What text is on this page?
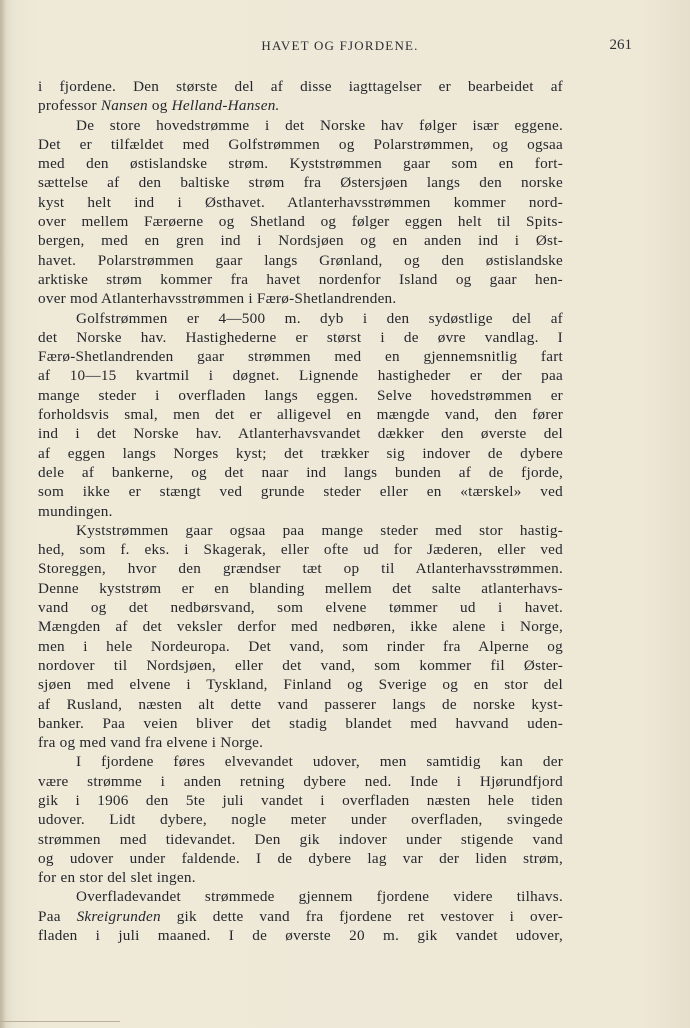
HAVET OG FJORDENE.	261
i fjordene. Den største del af disse iagttagelser er bearbeidet af
professor Nansen og Helland-Hansen.
De store hovedstrømme i det Norske hav følger især eggene.
Det er tilfældet med Golfstrømmen og Polarstrømmen, og ogsaa
med den østislandske strøm. Kyststrømmen gaar som en fort-
sættelse af den baltiske strøm fra Østersjøen langs den norske
kyst helt ind i Østhavet. Atlanterhavsstrømmen kommer nord-
over mellem Færøerne og Shetland og følger eggen helt til Spits-
bergen, med en gren ind i Nordsjøen og en anden ind i Øst-
havet. Polarstrømmen gaar langs Grønland, og den østislandske
arktiske strøm kommer fra havet nordenfor Island og gaar hen-
over mod Atlanterhavsstrømmen i Færø-Shetlandrenden.
Golfstrømmen er 4—500 m. dyb i den sydøstlige del af
det Norske hav. Hastighederne er størst i de øvre vandlag. I
Færø-Shetlandrenden gaar strømmen med en gjennemsnitlig fart
af 10—15 kvartmil i døgnet. Lignende hastigheder er der paa
mange steder i overfladen langs eggen. Selve hovedstrømmen er
forholdsvis smal, men det er alligevel en mængde vand, den fører
ind i det Norske hav. Atlanterhavsvandet dækker den øverste del
af eggen langs Norges kyst; det trækker sig indover de dybere
dele af bankerne, og det naar ind langs bunden af de fjorde,
som ikke er stængt ved grunde steder eller en «tærskel» ved
mundingen.
Kyststrømmen gaar ogsaa paa mange steder med stor hastig-
hed, som f. eks. i Skagerak, eller ofte ud for Jæderen, eller ved
Storeggen, hvor den grændser tæt op til Atlanterhavsstrømmen.
Denne kyststrøm er en blanding mellem det salte atlanterhavs-
vand og det nedbørsvand, som elvene tømmer ud i havet.
Mængden af det veksler derfor med nedbøren, ikke alene i Norge,
men i hele Nordeuropa. Det vand, som rinder fra Alperne og
nordover til Nordsjøen, eller det vand, som kommer fil Øster-
sjøen med elvene i Tyskland, Finland og Sverige og en stor del
af Rusland, næsten alt dette vand passerer langs de norske kyst-
banker. Paa veien bliver det stadig blandet med havvand uden-
fra og med vand fra elvene i Norge.
I fjordene føres elvevandet udover, men samtidig kan der
være strømme i anden retning dybere ned. Inde i Hjørundfjord
gik i 1906 den 5te juli vandet i overfladen næsten hele tiden
udover. Lidt dybere, nogle meter under overfladen, svingede
strømmen med tidevandet. Den gik indover under stigende vand
og udover under faldende. I de dybere lag var der liden strøm,
for en stor del slet ingen.
Overfladevandet strømmede gjennem fjordene videre tilhavs.
Paa Skreigrunden gik dette vand fra fjordene ret vestover i over-
fladen i juli maaned. I de øverste 20 m. gik vandet udover,
